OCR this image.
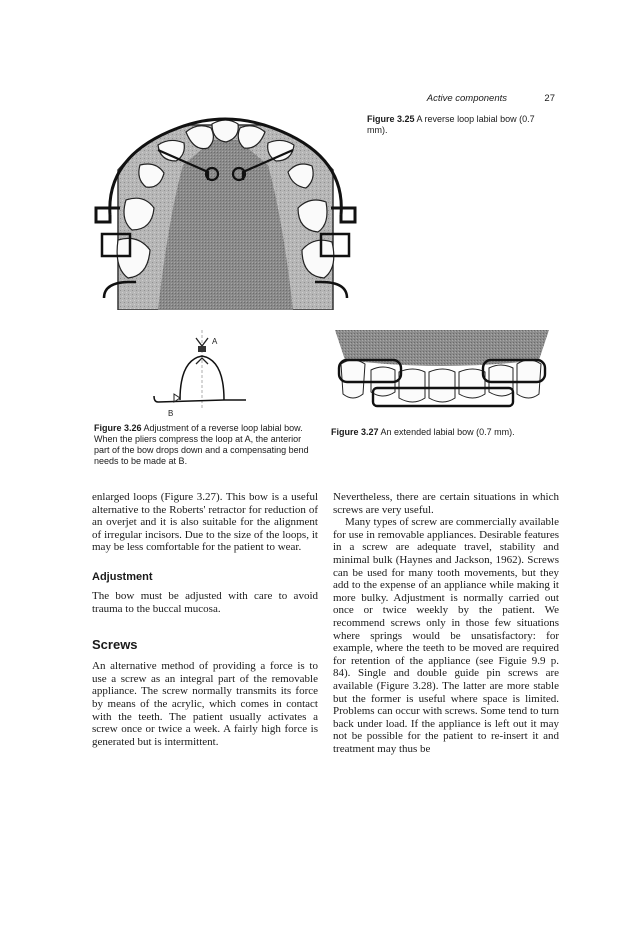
Active components	27
Figure 3.25 A reverse loop labial bow (0.7 mm).
A
B
Figure 3.26 Adjustment of a reverse loop labial bow. When the pliers compress the loop at A, the anterior part of the bow drops down and a compensating bend needs to be made at B.
Figure 3.27 An extended labial bow (0.7 mm).

enlarged loops (Figure 3.27). This bow is a useful alternative to the Roberts' retractor for reduction of an overjet and it is also suitable for the alignment of irregular incisors. Due to the size of the loops, it may be less comfortable for the patient to wear.

Adjustment

The bow must be adjusted with care to avoid trauma to the buccal mucosa.

Screws

An alternative method of providing a force is to use a screw as an integral part of the removable appliance. The screw normally transmits its force by means of the acrylic, which comes in contact with the teeth. The patient usually activates a screw once or twice a week. A fairly high force is generated but is intermittent.

Nevertheless, there are certain situations in which screws are very useful.

Many types of screw are commercially available for use in removable appliances. Desirable features in a screw are adequate travel, stability and minimal bulk (Haynes and Jackson, 1962). Screws can be used for many tooth movements, but they add to the expense of an appliance while making it more bulky. Adjustment is normally carried out once or twice weekly by the patient. We recommend screws only in those few situations where springs would be unsatisfactory: for example, where the teeth to be moved are required for retention of the appliance (see Figuie 9.9 p. 84). Single and double guide pin screws are available (Figure 3.28). The latter are more stable but the former is useful where space is limited. Problems can occur with screws. Some tend to turn back under load. If the appliance is left out it may not be possible for the patient to re-insert it and treatment may thus be
